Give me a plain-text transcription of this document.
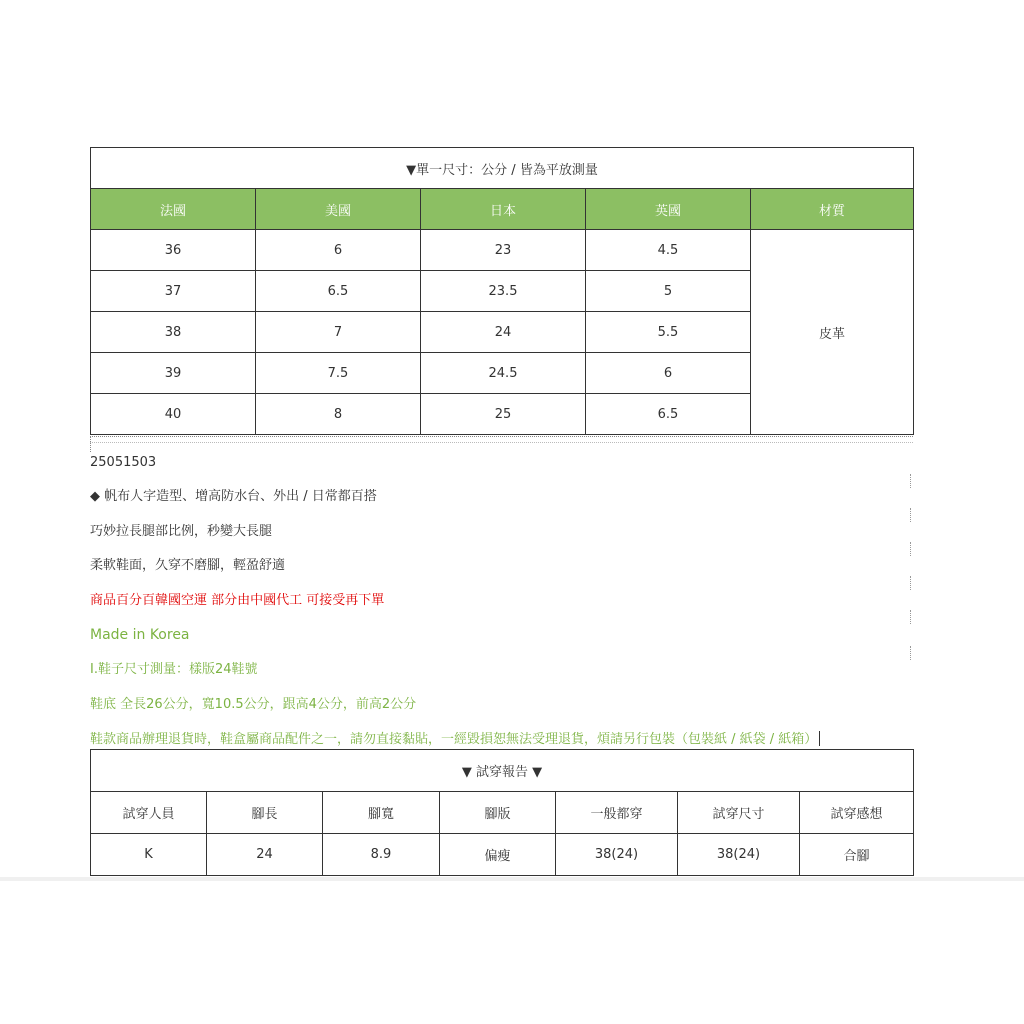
▼單一尺寸：公分 / 皆為平放測量				
法國	美國	日本	英國	材質
36	6	23	4.5	皮革
37	6.5	23.5	5	
38	7	24	5.5	
39	7.5	24.5	6	
40	8	25	6.5	
25051503
◆ 帆布人字造型、增高防水台、外出 / 日常都百搭
巧妙拉長腿部比例，秒變大長腿
柔軟鞋面，久穿不磨腳，輕盈舒適
商品百分百韓國空運 部分由中國代工 可接受再下單
Made in Korea
Ⅰ.鞋子尺寸測量：樣版24鞋號
鞋底 全長26公分，寬10.5公分，跟高4公分，前高2公分
鞋款商品辦理退貨時，鞋盒屬商品配件之一，請勿直接黏貼，一經毀損恕無法受理退貨，煩請另行包裝（包裝紙 / 紙袋 / 紙箱）
▼ 試穿報告 ▼						
試穿人員	腳長	腳寬	腳版	一般都穿	試穿尺寸	試穿感想
K	24	8.9	偏瘦	38(24)	38(24)	合腳
